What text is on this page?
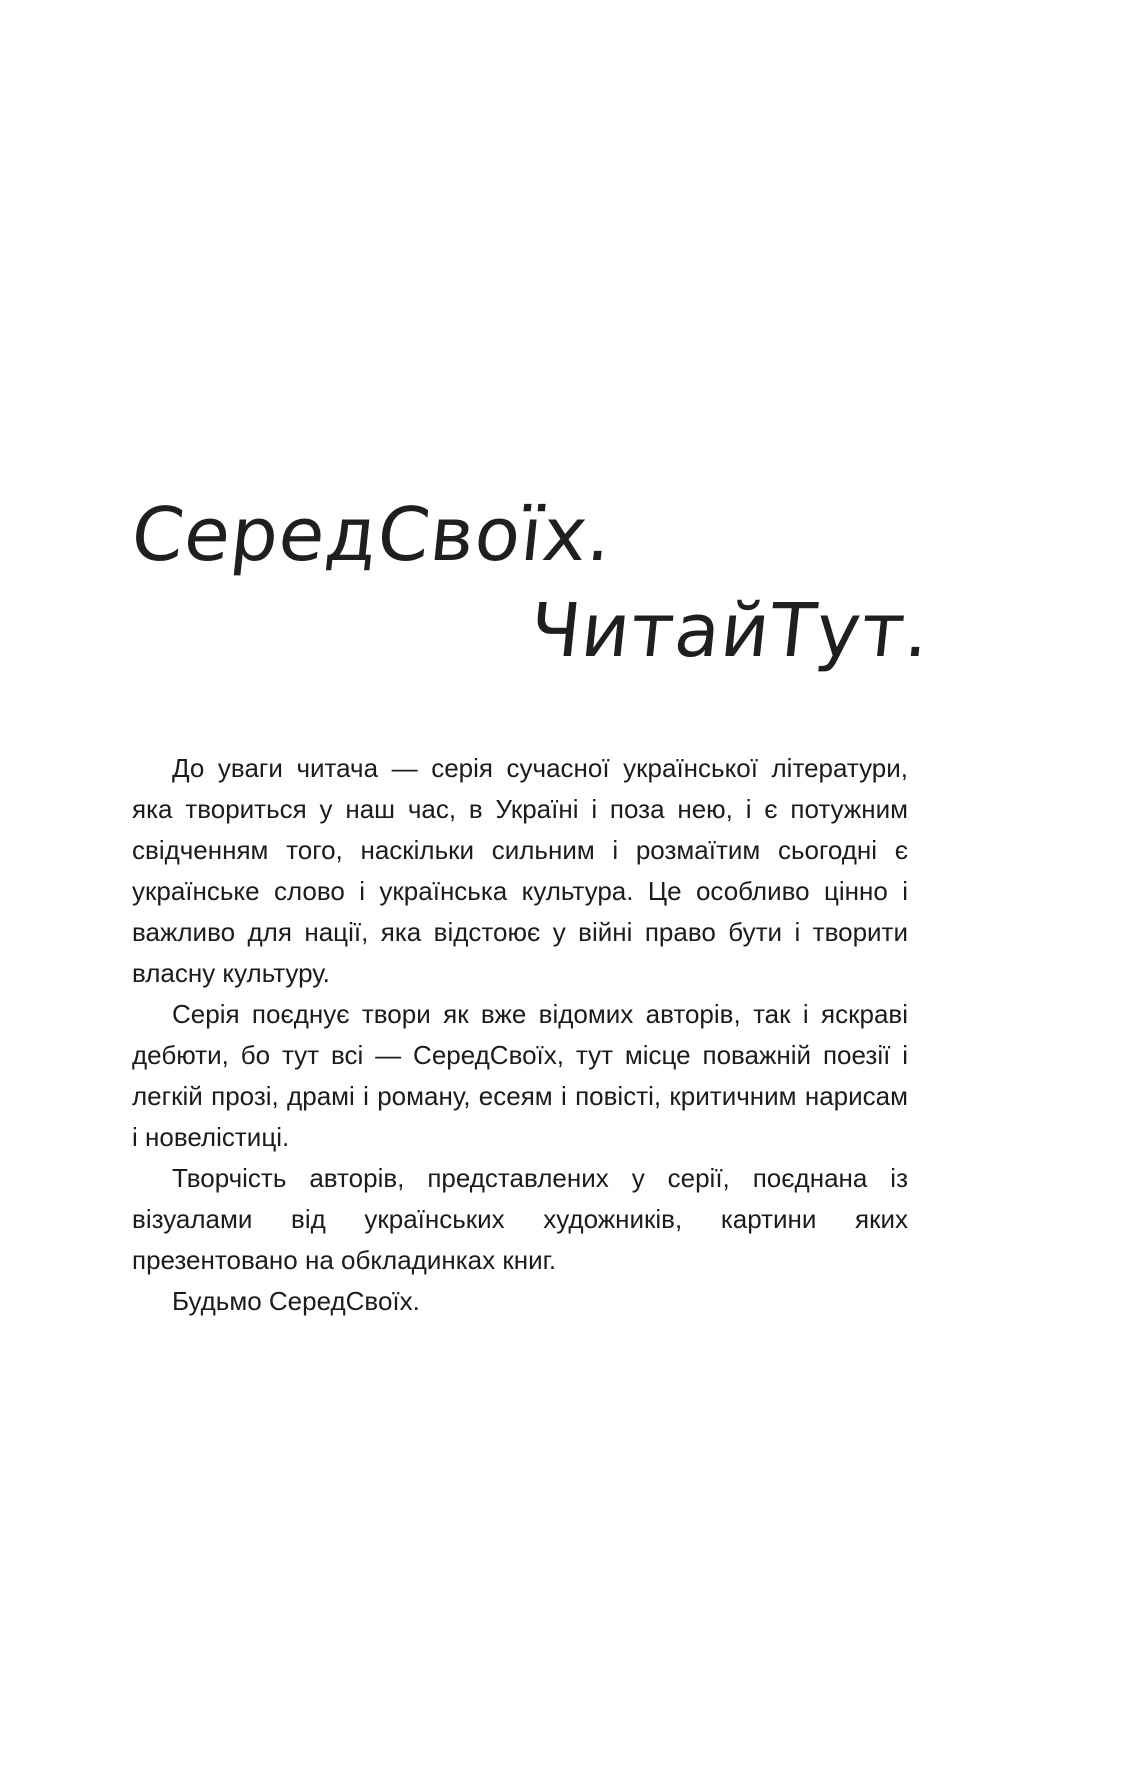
СередСвоїх.
ЧитайТут.

До уваги читача — серія сучасної української літератури, яка твориться у наш час, в Україні і поза нею, і є потужним свідченням того, наскільки сильним і розмаїтим сьогодні є українське слово і українська культура. Це особливо цінно і важливо для нації, яка відстоює у війні право бути і творити власну культуру.

Серія поєднує твори як вже відомих авторів, так і яскраві дебюти, бо тут всі — СередСвоїх, тут місце поважній поезії і легкій прозі, драмі і роману, есеям і повісті, критичним нарисам і новелістиці.

Творчість авторів, представлених у серії, поєднана із візуалами від українських художників, картини яких презентовано на обкладинках книг.

Будьмо СередСвоїх.
